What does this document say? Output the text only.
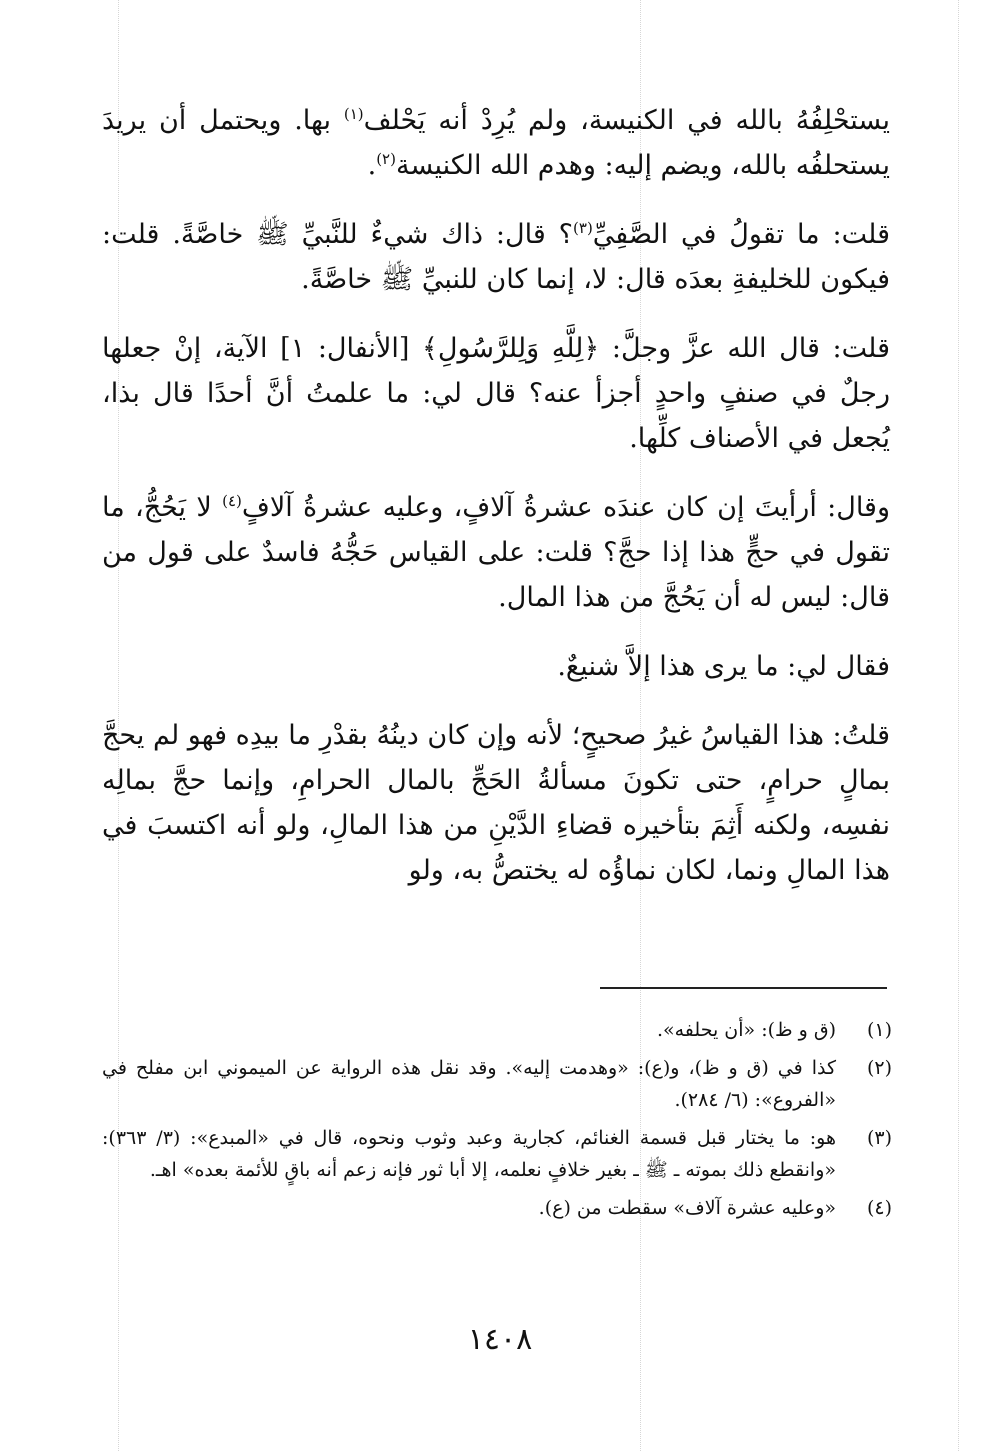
يستحْلِفُهُ بالله في الكنيسة، ولم يُرِدْ أنه يَحْلف$^{(١)}$ بها. ويحتمل أن يريدَ يستحلفُه بالله، ويضم إليه: وهدم الله الكنيسة$^{(٢)}$.

قلت: ما تقولُ في الصَّفِيِّ$^{(٣)}$؟ قال: ذاك شيءٌ للنَّبيِّ ﷺ خاصَّةً. قلت: فيكون للخليفةِ بعدَه قال: لا، إنما كان للنبيِّ ﷺ خاصَّةً.

قلت: قال الله عزَّ وجلَّ: ﴿لِلَّهِ وَلِلرَّسُولِ﴾ [الأنفال: ١] الآية، إنْ جعلها رجلٌ في صنفٍ واحدٍ أجزأ عنه؟ قال لي: ما علمتُ أنَّ أحدًا قال بذا، يُجعل في الأصناف كلِّها.

وقال: أرأيتَ إن كان عندَه عشرةُ آلافٍ، وعليه عشرةُ آلافٍ$^{(٤)}$ لا يَحُجُّ، ما تقول في حجٍّ هذا إذا حجَّ؟ قلت: على القياس حَجُّهُ فاسدٌ على قول من قال: ليس له أن يَحُجَّ من هذا المال.

فقال لي: ما يرى هذا إلاَّ شنيعٌ.

قلتُ: هذا القياسُ غيرُ صحيحٍ؛ لأنه وإن كان دينُهُ بقدْرِ ما بيدِه فهو لم يحجَّ بمالٍ حرامٍ، حتى تكونَ مسألةُ الحَجِّ بالمال الحرامِ، وإنما حجَّ بمالِه نفسِه، ولكنه أَثِمَ بتأخيره قضاءِ الدَّيْنِ من هذا المالِ، ولو أنه اكتسبَ في هذا المالِ ونما، لكان نماؤُه له يختصُّ به، ولو

(١)
(ق و ظ): «أن يحلفه».
(٢)
كذا في (ق و ظ)، و(ع): «وهدمت إليه». وقد نقل هذه الرواية عن الميموني ابن مفلح في «الفروع»: (٦/ ٢٨٤).
(٣)
هو: ما يختار قبل قسمة الغنائم، كجارية وعبد وثوب ونحوه، قال في «المبدع»: (٣/ ٣٦٣): «وانقطع ذلك بموته ـ ﷺ ـ بغير خلافٍ نعلمه، إلا أبا ثور فإنه زعم أنه باقٍ للأئمة بعده» اهـ.
(٤)
«وعليه عشرة آلاف» سقطت من (ع).
١٤٠٨
